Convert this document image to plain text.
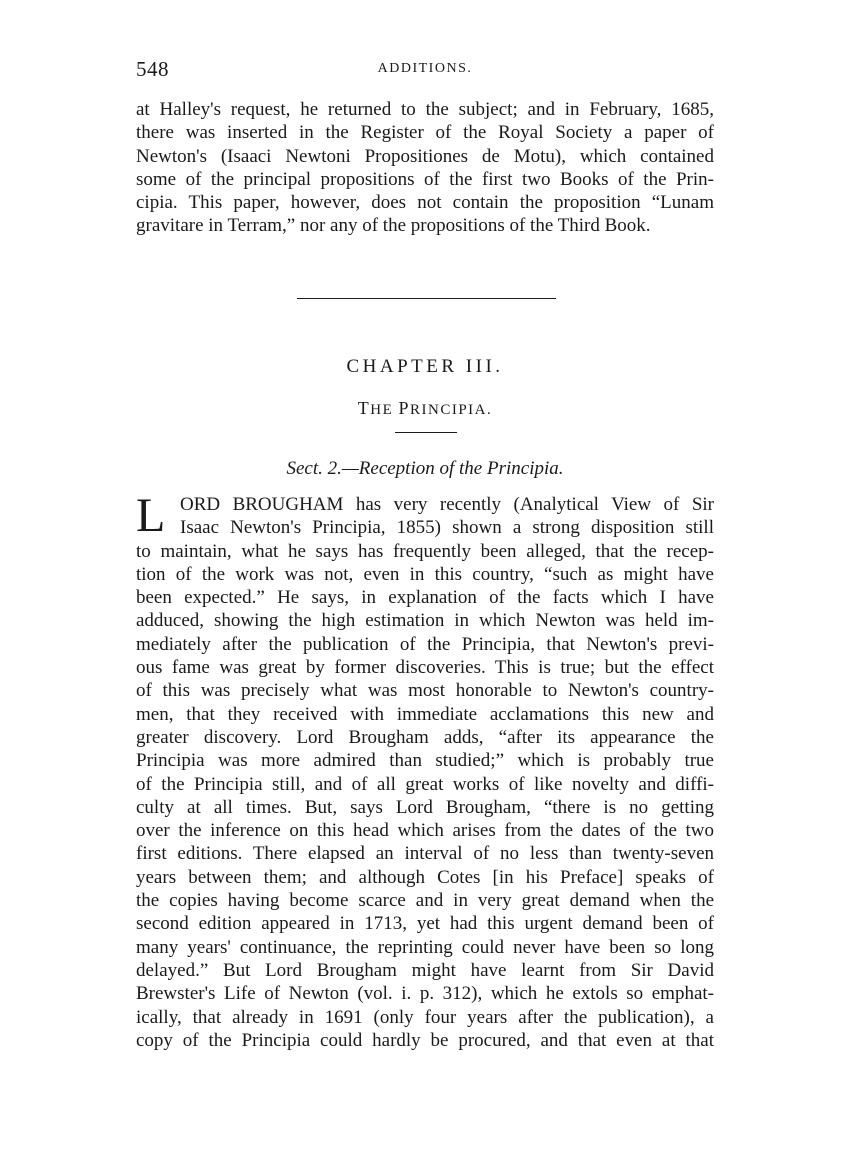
548	ADDITIONS.
at Halley's request, he returned to the subject; and in February, 1685,
there was inserted in the Register of the Royal Society a paper of
Newton's (Isaaci Newtoni Propositiones de Motu), which contained
some of the principal propositions of the first two Books of the Prin-
cipia. This paper, however, does not contain the proposition “Lunam
gravitare in Terram,” nor any of the propositions of the Third Book.
CHAPTER III.
THE PRINCIPIA.
Sect. 2.—Reception of the Principia.
L ORD BROUGHAM has very recently (Analytical View of Sir
Isaac Newton's Principia, 1855) shown a strong disposition still
to maintain, what he says has frequently been alleged, that the recep-
tion of the work was not, even in this country, “such as might have
been expected.” He says, in explanation of the facts which I have
adduced, showing the high estimation in which Newton was held im-
mediately after the publication of the Principia, that Newton's previ-
ous fame was great by former discoveries. This is true; but the effect
of this was precisely what was most honorable to Newton's country-
men, that they received with immediate acclamations this new and
greater discovery. Lord Brougham adds, “after its appearance the
Principia was more admired than studied;” which is probably true
of the Principia still, and of all great works of like novelty and diffi-
culty at all times. But, says Lord Brougham, “there is no getting
over the inference on this head which arises from the dates of the two
first editions. There elapsed an interval of no less than twenty-seven
years between them; and although Cotes [in his Preface] speaks of
the copies having become scarce and in very great demand when the
second edition appeared in 1713, yet had this urgent demand been of
many years' continuance, the reprinting could never have been so long
delayed.” But Lord Brougham might have learnt from Sir David
Brewster's Life of Newton (vol. i. p. 312), which he extols so emphat-
ically, that already in 1691 (only four years after the publication), a
copy of the Principia could hardly be procured, and that even at that
